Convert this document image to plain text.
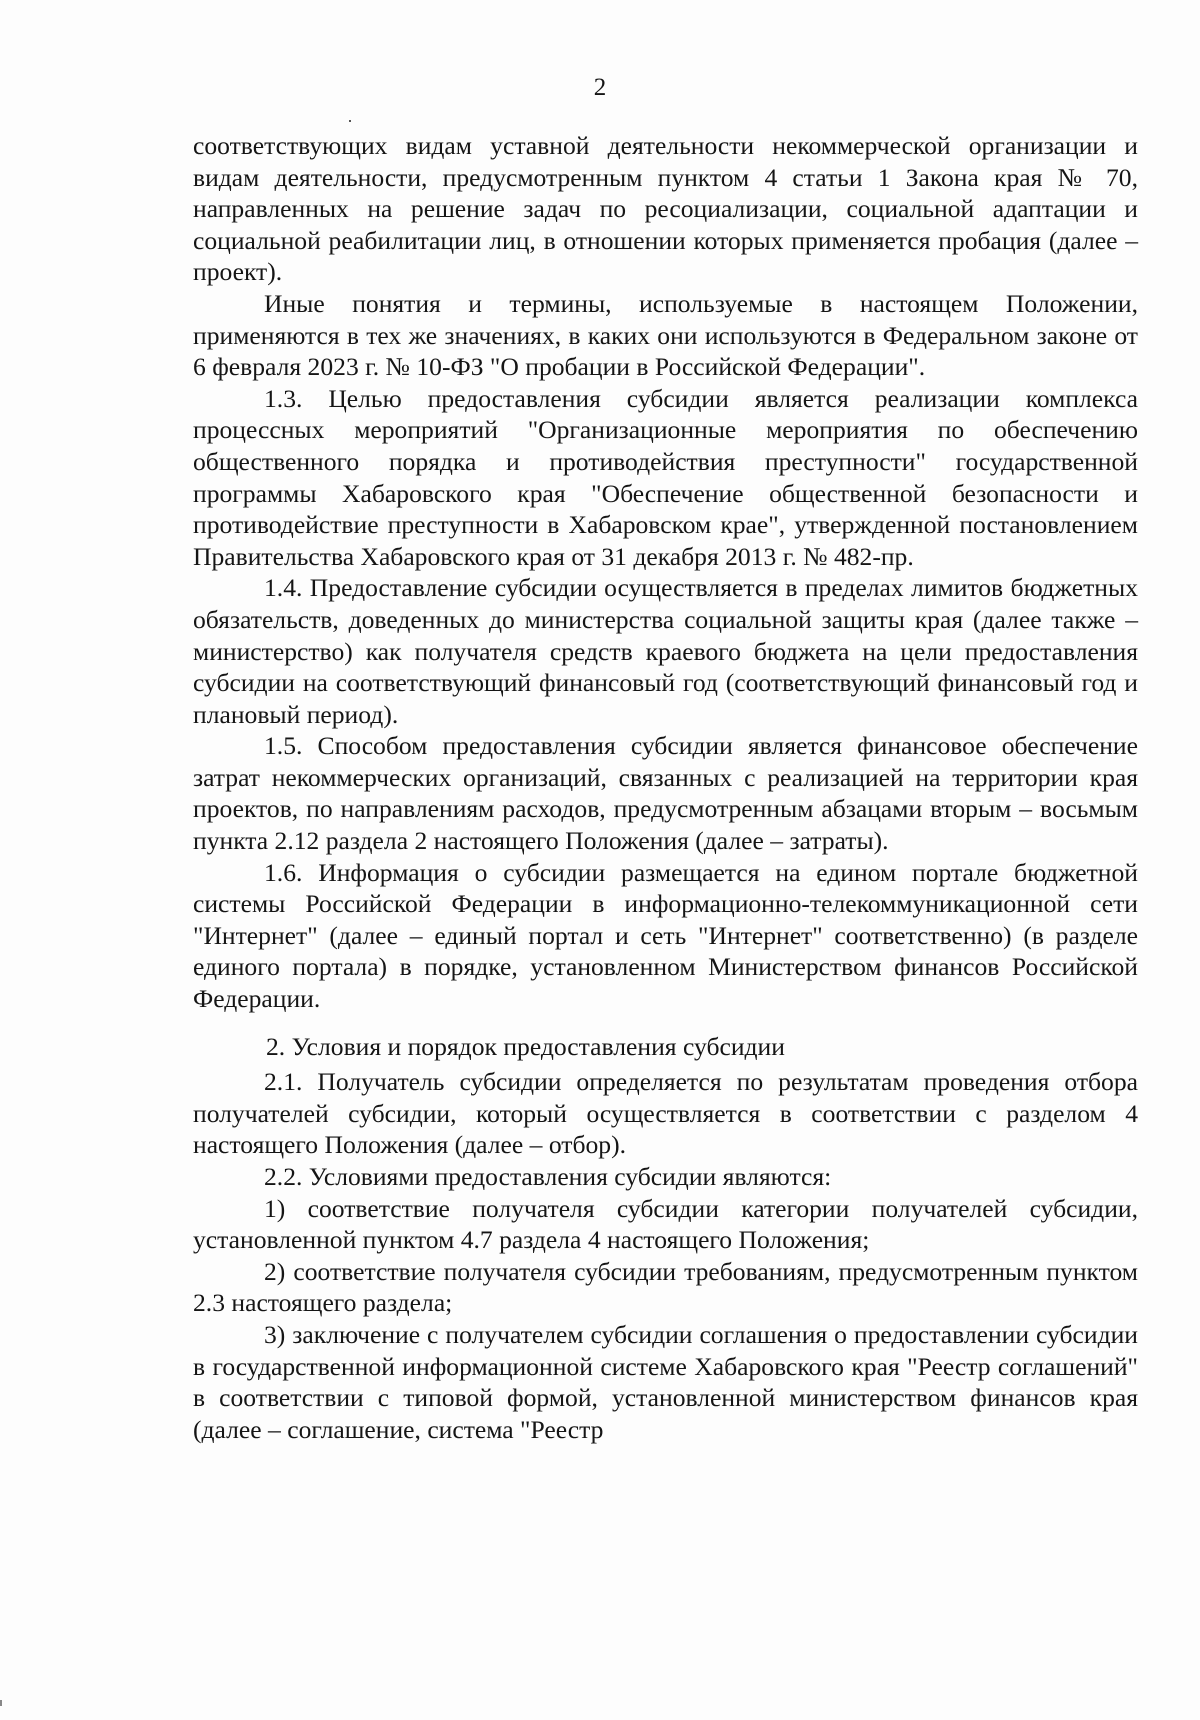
2

соответствующих видам уставной деятельности некоммерческой организации и видам деятельности, предусмотренным пунктом 4 статьи 1 Закона края № 70, направленных на решение задач по ресоциализации, социальной адаптации и социальной реабилитации лиц, в отношении которых применяется пробация (далее – проект).

Иные понятия и термины, используемые в настоящем Положении, применяются в тех же значениях, в каких они используются в Федеральном законе от 6 февраля 2023 г. № 10-ФЗ "О пробации в Российской Федерации".

1.3. Целью предоставления субсидии является реализации комплекса процессных мероприятий "Организационные мероприятия по обеспечению общественного порядка и противодействия преступности" государственной программы Хабаровского края "Обеспечение общественной безопасности и противодействие преступности в Хабаровском крае", утвержденной постановлением Правительства Хабаровского края от 31 декабря 2013 г. № 482-пр.

1.4. Предоставление субсидии осуществляется в пределах лимитов бюджетных обязательств, доведенных до министерства социальной защиты края (далее также – министерство) как получателя средств краевого бюджета на цели предоставления субсидии на соответствующий финансовый год (соответствующий финансовый год и плановый период).

1.5. Способом предоставления субсидии является финансовое обеспечение затрат некоммерческих организаций, связанных с реализацией на территории края проектов, по направлениям расходов, предусмотренным абзацами вторым – восьмым пункта 2.12 раздела 2 настоящего Положения (далее – затраты).

1.6. Информация о субсидии размещается на едином портале бюджетной системы Российской Федерации в информационно-телекоммуникационной сети "Интернет" (далее – единый портал и сеть "Интернет" соответственно) (в разделе единого портала) в порядке, установленном Министерством финансов Российской Федерации.

2. Условия и порядок предоставления субсидии

2.1. Получатель субсидии определяется по результатам проведения отбора получателей субсидии, который осуществляется в соответствии с разделом 4 настоящего Положения (далее – отбор).

2.2. Условиями предоставления субсидии являются:

1) соответствие получателя субсидии категории получателей субсидии, установленной пунктом 4.7 раздела 4 настоящего Положения;

2) соответствие получателя субсидии требованиям, предусмотренным пунктом 2.3 настоящего раздела;

3) заключение с получателем субсидии соглашения о предоставлении субсидии в государственной информационной системе Хабаровского края "Реестр соглашений" в соответствии с типовой формой, установленной министерством финансов края (далее – соглашение, система "Реестр
